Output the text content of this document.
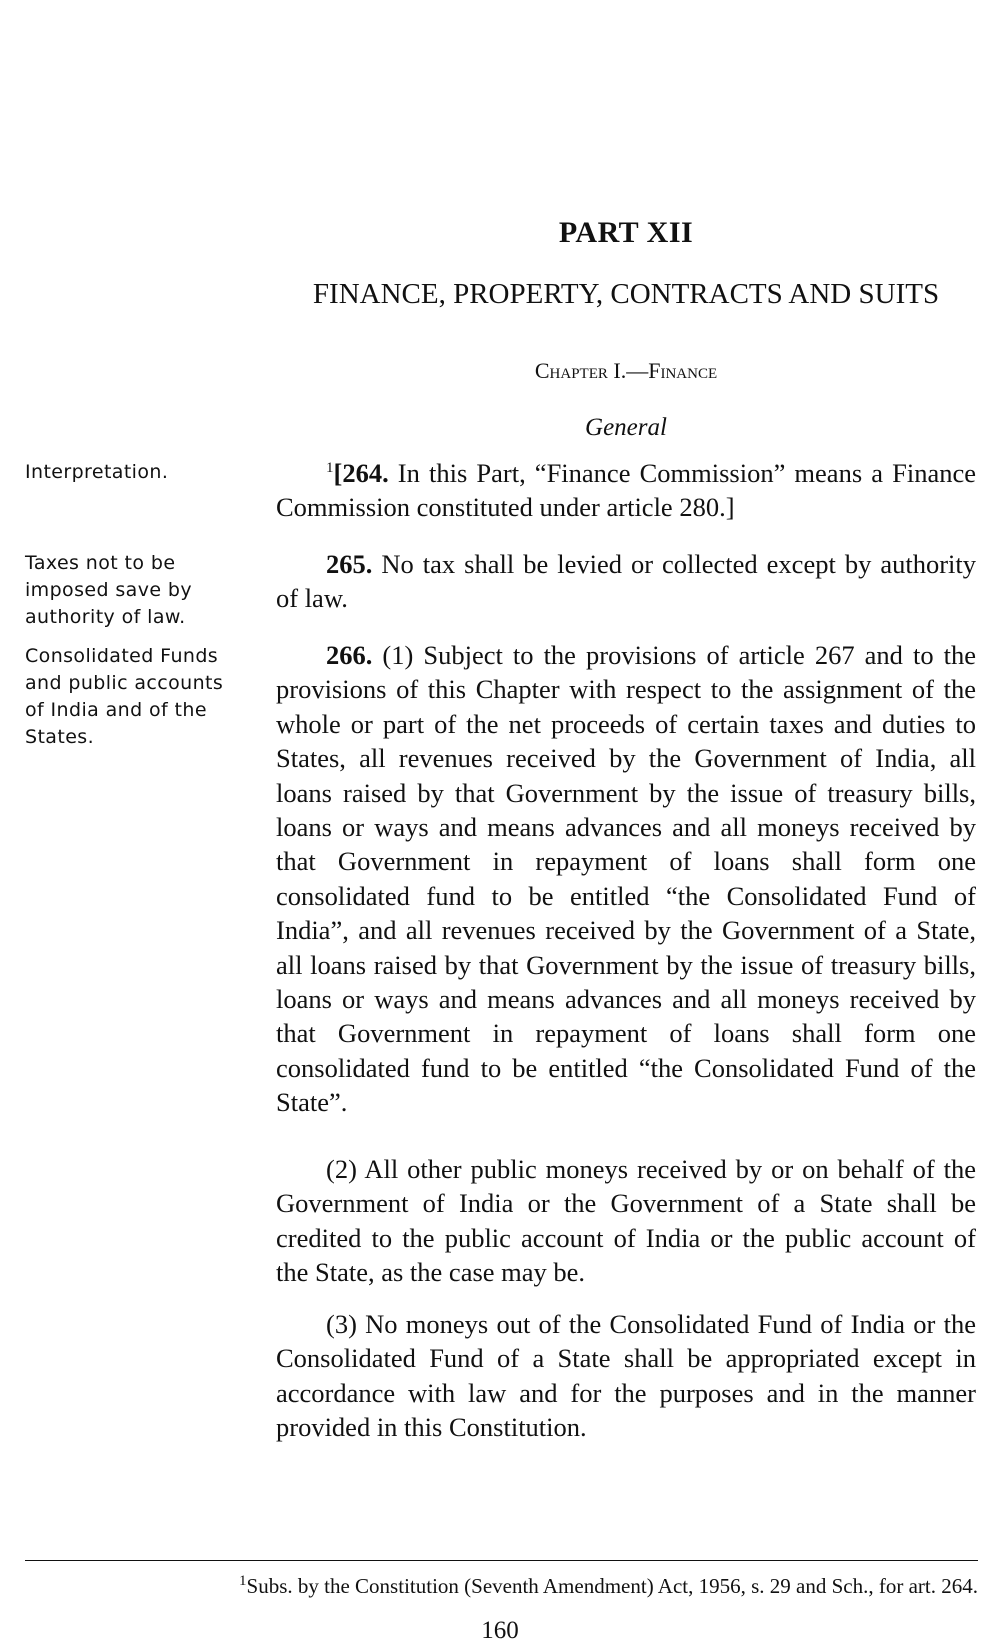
PART XII
FINANCE, PROPERTY, CONTRACTS AND SUITS
Chapter I.—Finance
General
Interpretation.
Taxes not to be imposed save by authority of law.
Consolidated Funds and public accounts of India and of the States.
$^1$[264. In this Part, “Finance Commission” means a Finance Commission constituted under article 280.]
265. No tax shall be levied or collected except by authority of law.
266. (1) Subject to the provisions of article 267 and to the provisions of this Chapter with respect to the assignment of the whole or part of the net proceeds of certain taxes and duties to States, all revenues received by the Government of India, all loans raised by that Government by the issue of treasury bills, loans or ways and means advances and all moneys received by that Government in repayment of loans shall form one consolidated fund to be entitled “the Consolidated Fund of India”, and all revenues received by the Government of a State, all loans raised by that Government by the issue of treasury bills, loans or ways and means advances and all moneys received by that Government in repayment of loans shall form one consolidated fund to be entitled “the Consolidated Fund of the State”.
(2) All other public moneys received by or on behalf of the Government of India or the Government of a State shall be credited to the public account of India or the public account of the State, as the case may be.
(3) No moneys out of the Consolidated Fund of India or the Consolidated Fund of a State shall be appropriated except in accordance with law and for the purposes and in the manner provided in this Constitution.
$^1$Subs. by the Constitution (Seventh Amendment) Act, 1956, s. 29 and Sch., for art. 264.
160
